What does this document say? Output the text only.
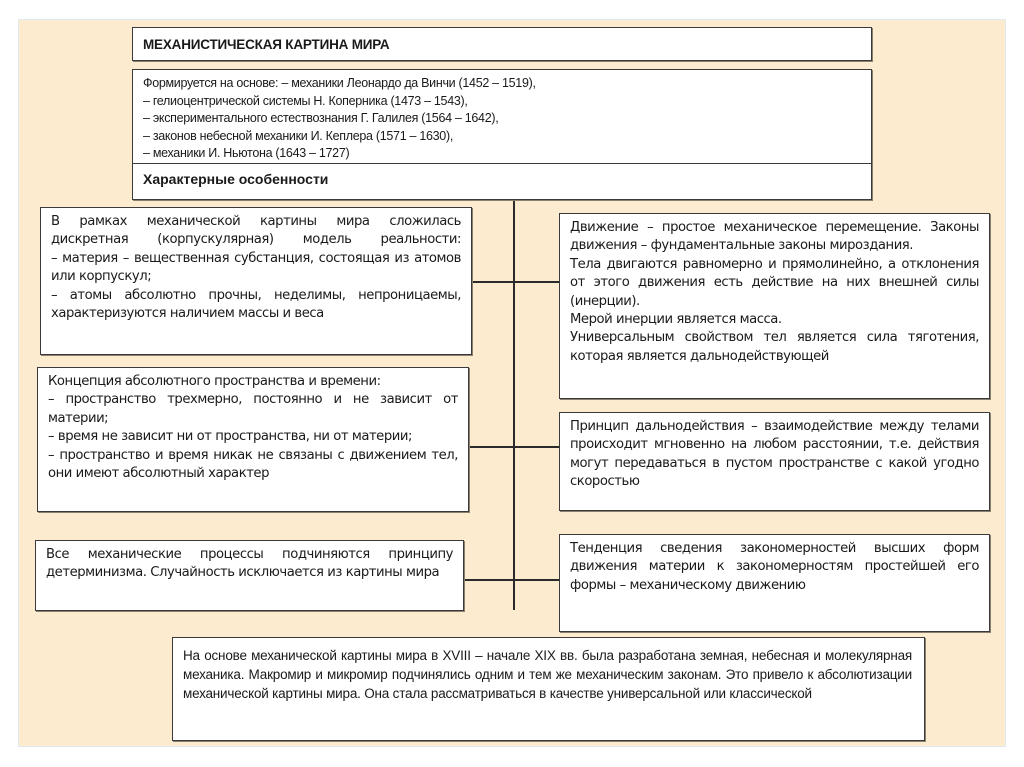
МЕХАНИСТИЧЕСКАЯ КАРТИНА МИРА
Формируется на основе: – механики Леонардо да Винчи (1452 – 1519),
– гелиоцентрической системы Н. Коперника (1473 – 1543),
– экспериментального естествознания Г. Галилея (1564 – 1642),
– законов небесной механики И. Кеплера (1571 – 1630),
– механики И. Ньютона (1643 – 1727)
Характерные особенности

В рамках механической картины мира сложилась дискретная (корпускулярная) модель реальности:

– материя – вещественная субстанция, состоящая из атомов или корпускул;

– атомы абсолютно прочны, неделимы, непроницаемы, характеризуются наличием массы и веса

Концепция абсолютного пространства и времени:

– пространство трехмерно, постоянно и не зависит от материи;

– время не зависит ни от пространства, ни от материи;

– пространство и время никак не связаны с движением тел, они имеют абсолютный характер

Все механические процессы подчиняются принципу детерминизма. Случайность исключается из картины мира

Движение – простое механическое перемещение. Законы движения – фундаментальные законы мироздания.

Тела двигаются равномерно и прямолинейно, а отклонения от этого движения есть действие на них внешней силы (инерции).

Мерой инерции является масса.

Универсальным свойством тел является сила тяготения, которая является дальнодействующей

Принцип дальнодействия – взаимодействие между телами происходит мгновенно на любом расстоянии, т.е. действия могут передаваться в пустом пространстве с какой угодно скоростью

Тенденция сведения закономерностей высших форм движения материи к закономерностям простейшей его формы – механическому движению

На основе механической картины мира в XVIII – начале XIX вв. была разработана земная, небесная и молекулярная механика. Макромир и микромир подчинялись одним и тем же механическим законам. Это привело к абсолютизации механической картины мира. Она стала рассматриваться в качестве универсальной или классической
